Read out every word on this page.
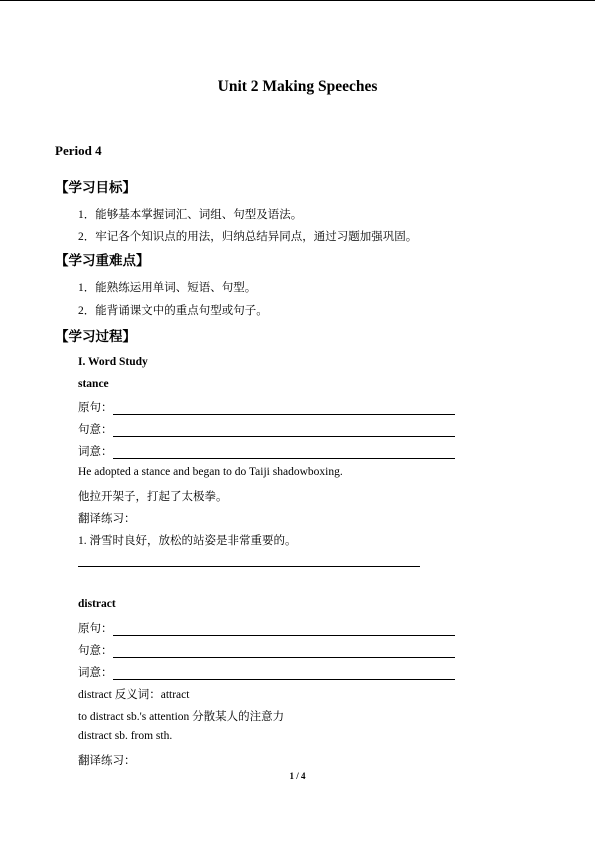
Unit 2 Making Speeches
Period 4
【学习目标】
1．能够基本掌握词汇、词组、句型及语法。
2．牢记各个知识点的用法，归纳总结异同点，通过习题加强巩固。
【学习重难点】
1．能熟练运用单词、短语、句型。
2．能背诵课文中的重点句型或句子。
【学习过程】
I. Word Study
stance
原句：
句意：
词意：
He adopted a stance and began to do Taiji shadowboxing.
他拉开架子，打起了太极拳。
翻译练习：
1. 滑雪时良好，放松的站姿是非常重要的。
distract
原句：
句意：
词意：
distract 反义词：attract
to distract sb.'s attention 分散某人的注意力
distract sb. from sth.
翻译练习：
1 / 4
